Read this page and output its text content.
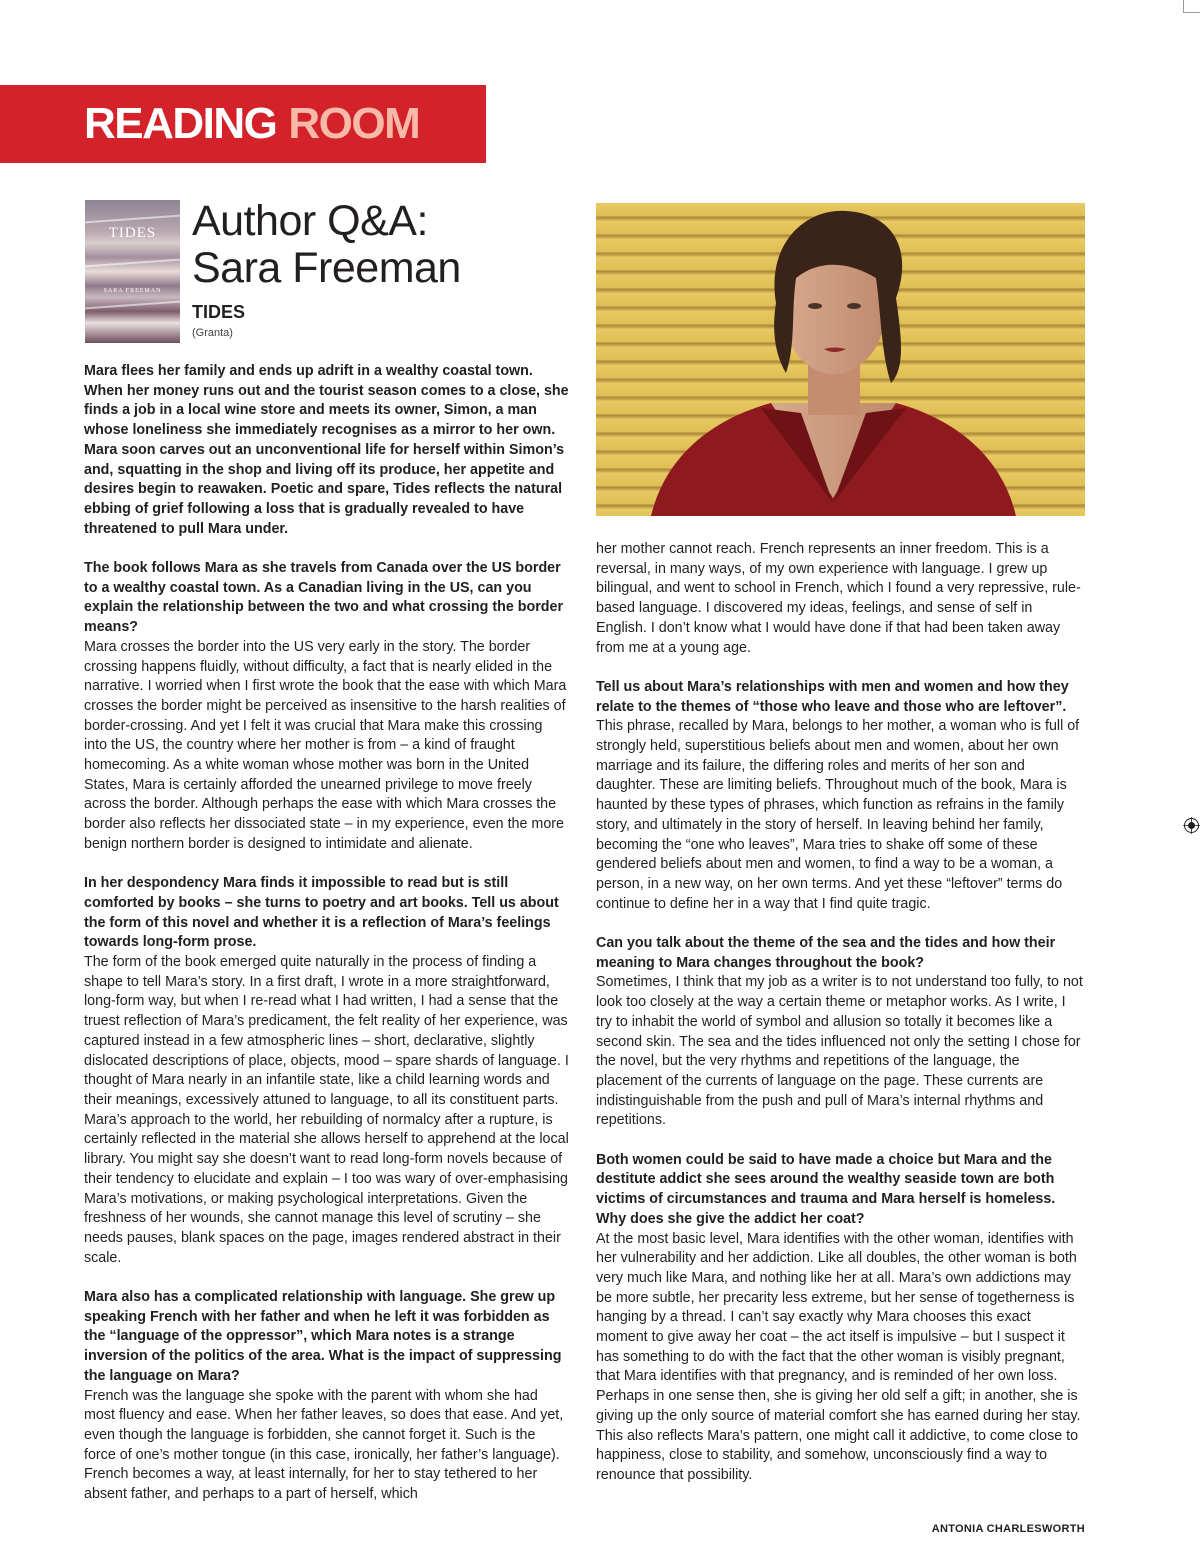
READING ROOM
TIDES
SARA FREEMAN
Author Q&A:
Sara Freeman
TIDES
(Granta)

Mara flees her family and ends up adrift in a wealthy coastal town. When her money runs out and the tourist season comes to a close, she finds a job in a local wine store and meets its owner, Simon, a man whose loneliness she immediately recognises as a mirror to her own. Mara soon carves out an unconventional life for herself within Simon’s and, squatting in the shop and living off its produce, her appetite and desires begin to reawaken. Poetic and spare, Tides reflects the natural ebbing of grief following a loss that is gradually revealed to have threatened to pull Mara under.

The book follows Mara as she travels from Canada over the US border to a wealthy coastal town. As a Canadian living in the US, can you explain the relationship between the two and what crossing the border means?

Mara crosses the border into the US very early in the story. The border crossing happens fluidly, without difficulty, a fact that is nearly elided in the narrative. I worried when I first wrote the book that the ease with which Mara crosses the border might be perceived as insensitive to the harsh realities of border-crossing. And yet I felt it was crucial that Mara make this crossing into the US, the country where her mother is from – a kind of fraught homecoming. As a white woman whose mother was born in the United States, Mara is certainly afforded the unearned privilege to move freely across the border. Although perhaps the ease with which Mara crosses the border also reflects her dissociated state – in my experience, even the more benign northern border is designed to intimidate and alienate.

In her despondency Mara finds it impossible to read but is still comforted by books – she turns to poetry and art books. Tell us about the form of this novel and whether it is a reflection of Mara’s feelings towards long-form prose.

The form of the book emerged quite naturally in the process of finding a shape to tell Mara’s story. In a first draft, I wrote in a more straightforward, long-form way, but when I re-read what I had written, I had a sense that the truest reflection of Mara’s predicament, the felt reality of her experience, was captured instead in a few atmospheric lines – short, declarative, slightly dislocated descriptions of place, objects, mood – spare shards of language. I thought of Mara nearly in an infantile state, like a child learning words and their meanings, excessively attuned to language, to all its constituent parts. Mara’s approach to the world, her rebuilding of normalcy after a rupture, is certainly reflected in the material she allows herself to apprehend at the local library. You might say she doesn’t want to read long-form novels because of their tendency to elucidate and explain – I too was wary of over-emphasising Mara’s motivations, or making psychological interpretations. Given the freshness of her wounds, she cannot manage this level of scrutiny – she needs pauses, blank spaces on the page, images rendered abstract in their scale.

Mara also has a complicated relationship with language. She grew up speaking French with her father and when he left it was forbidden as the “language of the oppressor”, which Mara notes is a strange inversion of the politics of the area. What is the impact of suppressing the language on Mara?

French was the language she spoke with the parent with whom she had most fluency and ease. When her father leaves, so does that ease. And yet, even though the language is forbidden, she cannot forget it. Such is the force of one’s mother tongue (in this case, ironically, her father’s language). French becomes a way, at least internally, for her to stay tethered to her absent father, and perhaps to a part of herself, which

her mother cannot reach. French represents an inner freedom. This is a reversal, in many ways, of my own experience with language. I grew up bilingual, and went to school in French, which I found a very repressive, rule-based language. I discovered my ideas, feelings, and sense of self in English. I don’t know what I would have done if that had been taken away from me at a young age.

Tell us about Mara’s relationships with men and women and how they relate to the themes of “those who leave and those who are leftover”.

This phrase, recalled by Mara, belongs to her mother, a woman who is full of strongly held, superstitious beliefs about men and women, about her own marriage and its failure, the differing roles and merits of her son and daughter. These are limiting beliefs. Throughout much of the book, Mara is haunted by these types of phrases, which function as refrains in the family story, and ultimately in the story of herself. In leaving behind her family, becoming the “one who leaves”, Mara tries to shake off some of these gendered beliefs about men and women, to find a way to be a woman, a person, in a new way, on her own terms. And yet these “leftover” terms do continue to define her in a way that I find quite tragic.

Can you talk about the theme of the sea and the tides and how their meaning to Mara changes throughout the book?

Sometimes, I think that my job as a writer is to not understand too fully, to not look too closely at the way a certain theme or metaphor works. As I write, I try to inhabit the world of symbol and allusion so totally it becomes like a second skin. The sea and the tides influenced not only the setting I chose for the novel, but the very rhythms and repetitions of the language, the placement of the currents of language on the page. These currents are indistinguishable from the push and pull of Mara’s internal rhythms and repetitions.

Both women could be said to have made a choice but Mara and the destitute addict she sees around the wealthy seaside town are both victims of circumstances and trauma and Mara herself is homeless. Why does she give the addict her coat?

At the most basic level, Mara identifies with the other woman, identifies with her vulnerability and her addiction. Like all doubles, the other woman is both very much like Mara, and nothing like her at all. Mara’s own addictions may be more subtle, her precarity less extreme, but her sense of togetherness is hanging by a thread. I can’t say exactly why Mara chooses this exact moment to give away her coat – the act itself is impulsive – but I suspect it has something to do with the fact that the other woman is visibly pregnant, that Mara identifies with that pregnancy, and is reminded of her own loss. Perhaps in one sense then, she is giving her old self a gift; in another, she is giving up the only source of material comfort she has earned during her stay. This also reflects Mara’s pattern, one might call it addictive, to come close to happiness, close to stability, and somehow, unconsciously find a way to renounce that possibility.

ANTONIA CHARLESWORTH
